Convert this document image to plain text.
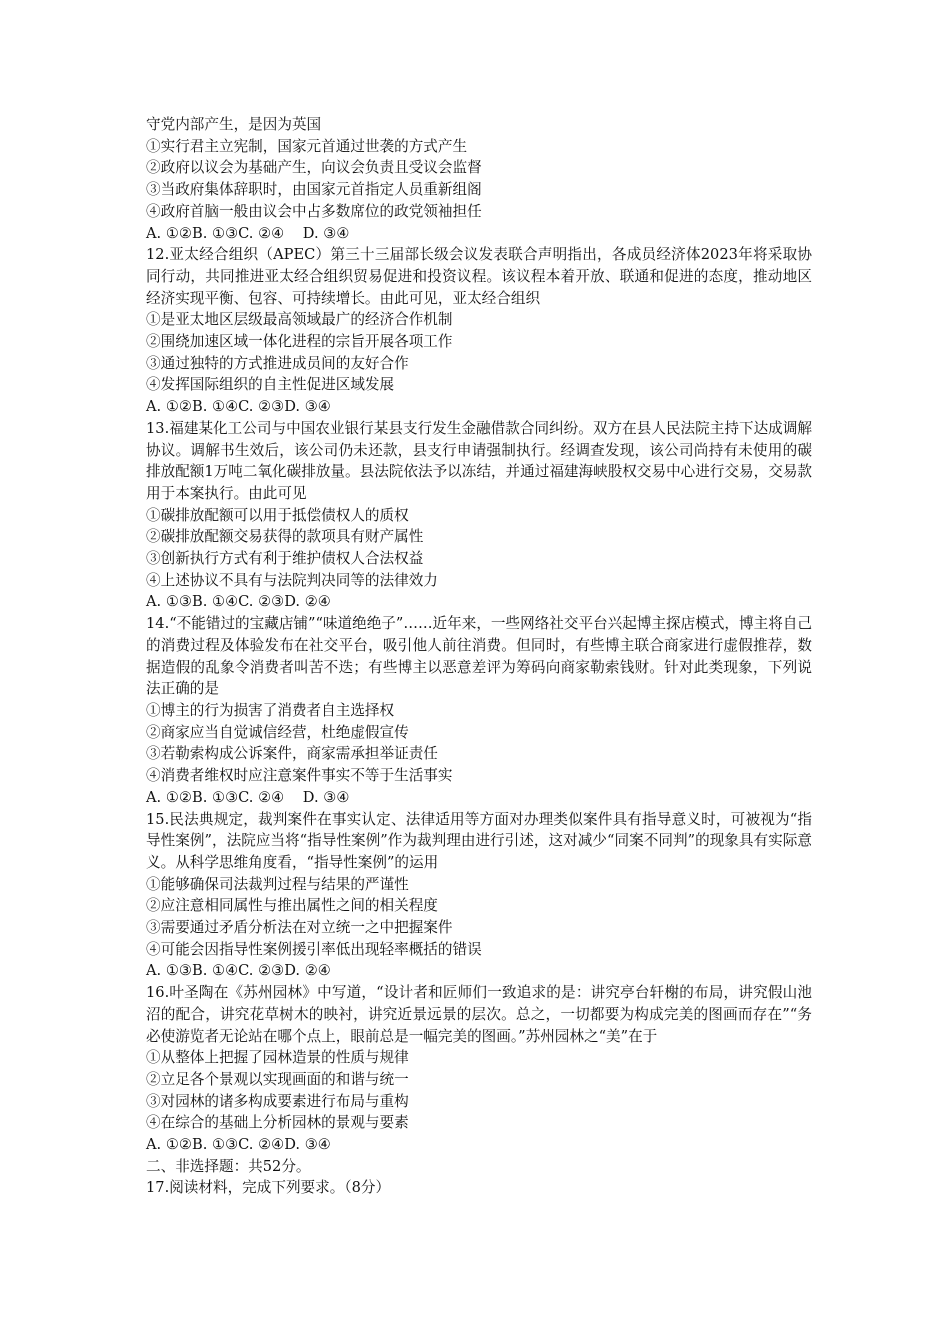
守党内部产生，是因为英国

①实行君主立宪制，国家元首通过世袭的方式产生

②政府以议会为基础产生，向议会负责且受议会监督

③当政府集体辞职时，由国家元首指定人员重新组阁

④政府首脑一般由议会中占多数席位的政党领袖担任

A. ①②B. ①③C. ②④    D. ③④

12.亚太经合组织（APEC）第三十三届部长级会议发表联合声明指出，各成员经济体2023年将采取协同行动，共同推进亚太经合组织贸易促进和投资议程。该议程本着开放、联通和促进的态度，推动地区经济实现平衡、包容、可持续增长。由此可见，亚太经合组织

①是亚太地区层级最高领域最广的经济合作机制

②围绕加速区域一体化进程的宗旨开展各项工作

③通过独特的方式推进成员间的友好合作

④发挥国际组织的自主性促进区域发展

A. ①②B. ①④C. ②③D. ③④

13.福建某化工公司与中国农业银行某县支行发生金融借款合同纠纷。双方在县人民法院主持下达成调解协议。调解书生效后，该公司仍未还款，县支行申请强制执行。经调查发现，该公司尚持有未使用的碳排放配额1万吨二氧化碳排放量。县法院依法予以冻结，并通过福建海峡股权交易中心进行交易，交易款用于本案执行。由此可见

①碳排放配额可以用于抵偿债权人的质权

②碳排放配额交易获得的款项具有财产属性

③创新执行方式有利于维护债权人合法权益

④上述协议不具有与法院判决同等的法律效力

A. ①③B. ①④C. ②③D. ②④

14.“不能错过的宝藏店铺”“味道绝绝子”……近年来，一些网络社交平台兴起博主探店模式，博主将自己的消费过程及体验发布在社交平台，吸引他人前往消费。但同时，有些博主联合商家进行虚假推荐，数据造假的乱象令消费者叫苦不迭；有些博主以恶意差评为筹码向商家勒索钱财。针对此类现象，下列说法正确的是

①博主的行为损害了消费者自主选择权

②商家应当自觉诚信经营，杜绝虚假宣传

③若勒索构成公诉案件，商家需承担举证责任

④消费者维权时应注意案件事实不等于生活事实

A. ①②B. ①③C. ②④    D. ③④

15.民法典规定，裁判案件在事实认定、法律适用等方面对办理类似案件具有指导意义时，可被视为“指导性案例”，法院应当将“指导性案例”作为裁判理由进行引述，这对减少“同案不同判”的现象具有实际意义。从科学思维角度看，“指导性案例”的运用

①能够确保司法裁判过程与结果的严谨性

②应注意相同属性与推出属性之间的相关程度

③需要通过矛盾分析法在对立统一之中把握案件

④可能会因指导性案例援引率低出现轻率概括的错误

A. ①③B. ①④C. ②③D. ②④

16.叶圣陶在《苏州园林》中写道，“设计者和匠师们一致追求的是：讲究亭台轩榭的布局，讲究假山池沼的配合，讲究花草树木的映衬，讲究近景远景的层次。总之，一切都要为构成完美的图画而存在”“务必使游览者无论站在哪个点上，眼前总是一幅完美的图画。”苏州园林之“美”在于

①从整体上把握了园林造景的性质与规律

②立足各个景观以实现画面的和谐与统一

③对园林的诸多构成要素进行布局与重构

④在综合的基础上分析园林的景观与要素

A. ①②B. ①③C. ②④D. ③④

二、非选择题：共52分。

17.阅读材料，完成下列要求。（8分）
